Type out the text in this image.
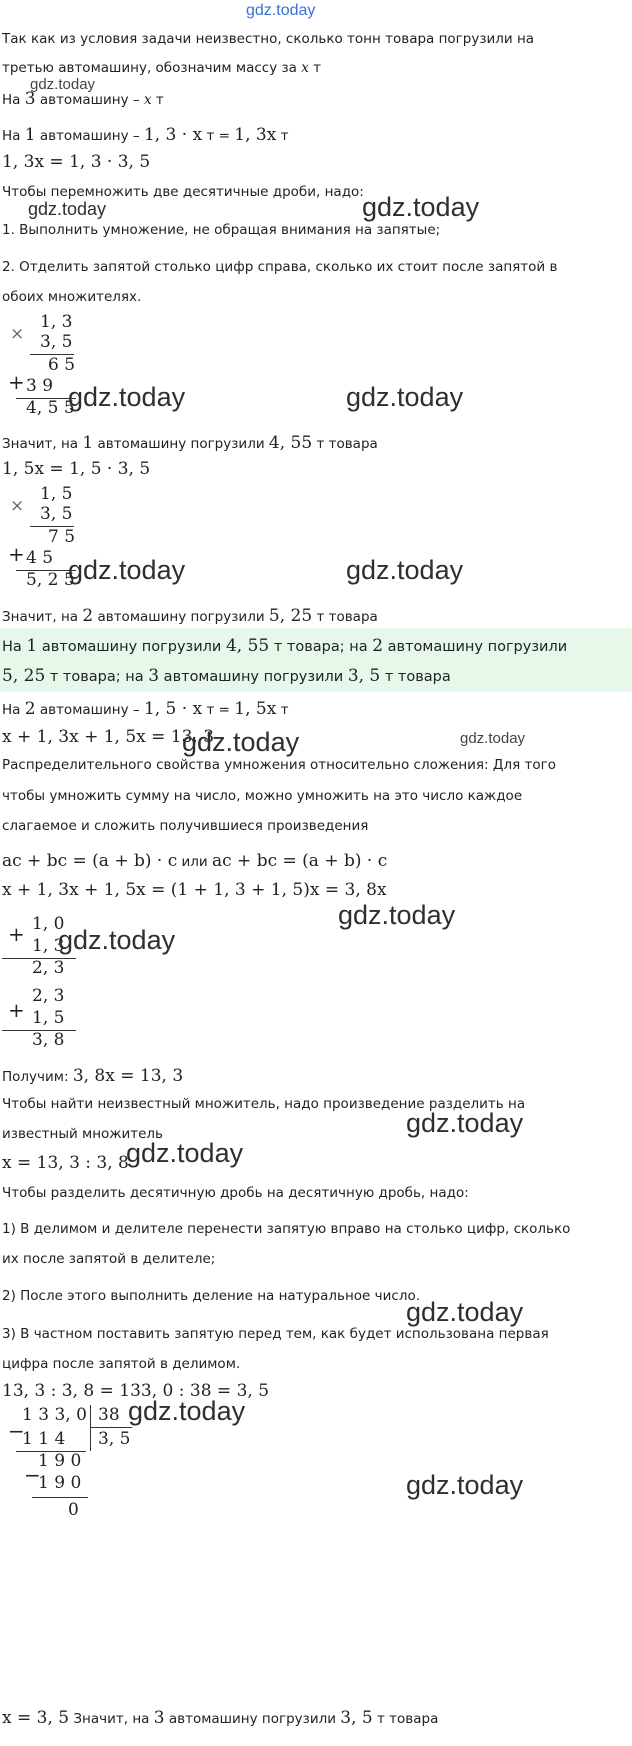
gdz.today
Так как из условия задачи неизвестно, сколько тонн товара погрузили на
третью автомашину, обозначим массу за x т
gdz.today
На 3 автомашину – x т
На 1 автомашину – 1, 3 · x т = 1, 3x т
1, 3x = 1, 3 · 3, 5
Чтобы перемножить две десятичные дроби, надо:
gdz.today	gdz.today
1. Выполнить умножение, не обращая внимания на запятые;
2. Отделить запятой столько цифр справа, сколько их стоит после запятой в
обоих множителях.
×
1, 3
3, 5
6 5
+ 3 9
4, 5 5
gdz.today	gdz.today
Значит, на 1 автомашину погрузили 4, 55 т товара
1, 5x = 1, 5 · 3, 5
×
1, 5
3, 5
7 5
+ 4 5
5, 2 5
gdz.today	gdz.today
Значит, на 2 автомашину погрузили 5, 25 т товара
На 1 автомашину погрузили 4, 55 т товара; на 2 автомашину погрузили
5, 25 т товара; на 3 автомашину погрузили 3, 5 т товара
На 2 автомашину – 1, 5 · x т = 1, 5x т
x + 1, 3x + 1, 5x = 13, 3
gdz.today	gdz.today
Распределительного свойства умножения относительно сложения: Для того
чтобы умножить сумму на число, можно умножить на это число каждое
слагаемое и сложить получившиеся произведения
ac + bc = (a + b) · c или ac + bc = (a + b) · c
x + 1, 3x + 1, 5x = (1 + 1, 3 + 1, 5)x = 3, 8x
gdz.today
+ 1, 0
1, 3
2, 3
gdz.today
+
2, 3
1, 5
3, 8
Получим: 3, 8x = 13, 3
Чтобы найти неизвестный множитель, надо произведение разделить на
известный множитель	gdz.today
x = 13, 3 : 3, 8
gdz.today
Чтобы разделить десятичную дробь на десятичную дробь, надо:
1) В делимом и делителе перенести запятую вправо на столько цифр, сколько
их после запятой в делителе;
2) После этого выполнить деление на натуральное число.
gdz.today
3) В частном поставить запятую перед тем, как будет использована первая
цифра после запятой в делимом.
13, 3 : 3, 8 = 133, 0 : 38 = 3, 5
−
1 3 3, 0 38
3, 5
1 1 4
−
1 9 0
1 9 0
0
gdz.today
gdz.today
x = 3, 5 Значит, на 3 автомашину погрузили 3, 5 т товара
